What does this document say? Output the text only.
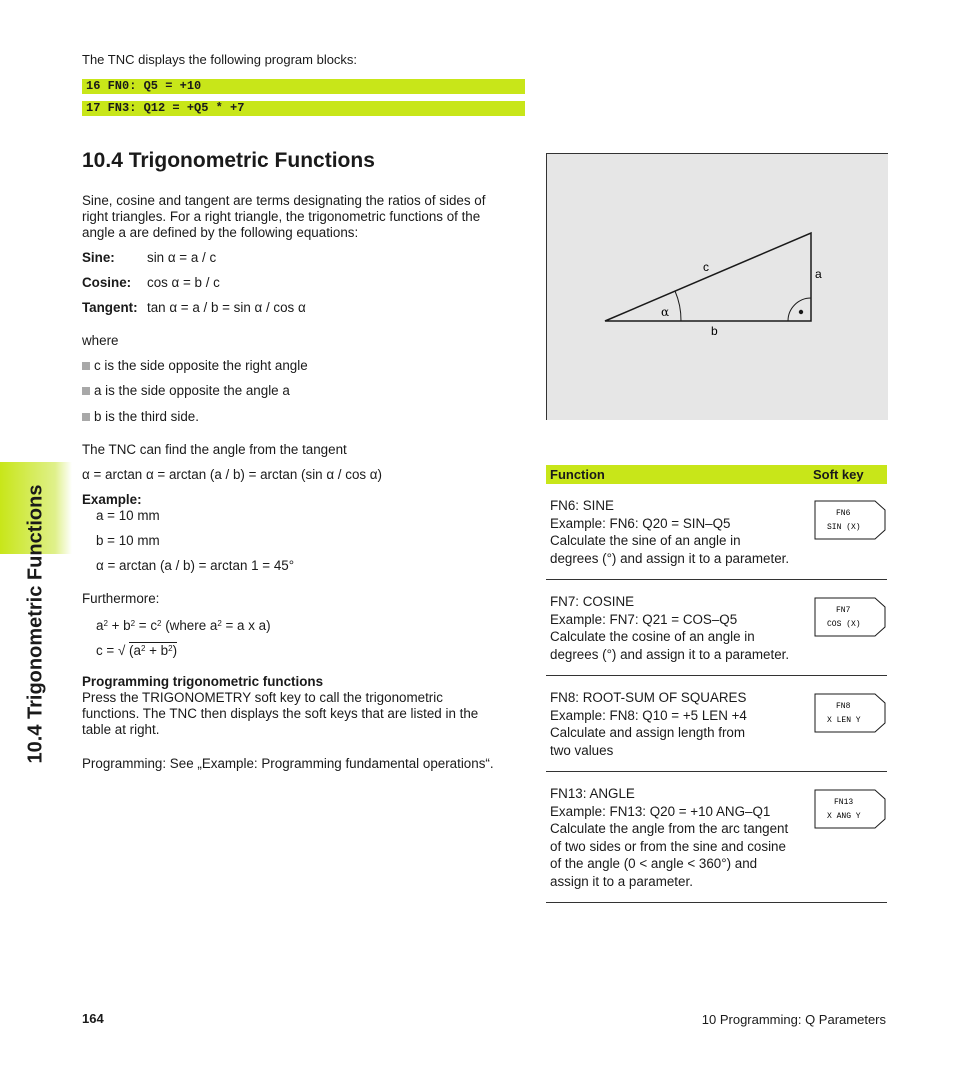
The TNC displays the following program blocks:
16 FN0: Q5 = +10
17 FN3: Q12 = +Q5 * +7
10.4 Trigonometric Functions
10.4 Trigonometric Functions
Sine, cosine and tangent are terms designating the ratios of sides of
right triangles. For a right triangle, the trigonometric functions of the
angle a are defined by the following equations:
Sine: sin α = a / c
Cosine: cos α = b / c
Tangent: tan α = a / b = sin α / cos α
where
c is the side opposite the right angle
a is the side opposite the angle a
b is the third side.
The TNC can find the angle from the tangent
α = arctan α = arctan (a / b) = arctan (sin α / cos α)
Example:
a = 10 mm
b = 10 mm
α = arctan (a / b) = arctan 1 = 45°
Furthermore:
$a^2 + b^2 = c^2$ (where $a^2 = a$ x a)
c = √ $(a^2 + b^2)$
Programming trigonometric functions
Press the TRIGONOMETRY soft key to call the trigonometric
functions. The TNC then displays the soft keys that are listed in the
table at right.
Programming: See „Example: Programming fundamental operations“.
c	a
b
α
Function	Soft key
FN6: SINE
Example: FN6: Q20 = SIN–Q5
Calculate the sine of an angle in
degrees (°) and assign it to a parameter.
FN6
SIN (X)
FN7: COSINE
Example: FN7: Q21 = COS–Q5
Calculate the cosine of an angle in
degrees (°) and assign it to a parameter.
FN7
COS (X)
FN8: ROOT-SUM OF SQUARES
Example: FN8: Q10 = +5 LEN +4
Calculate and assign length from
two values
FN8
X LEN Y
FN13: ANGLE
Example: FN13: Q20 = +10 ANG–Q1
Calculate the angle from the arc tangent
of two sides or from the sine and cosine
of the angle (0 < angle < 360°) and
assign it to a parameter.
FN13
X ANG Y
164	10 Programming: Q Parameters
